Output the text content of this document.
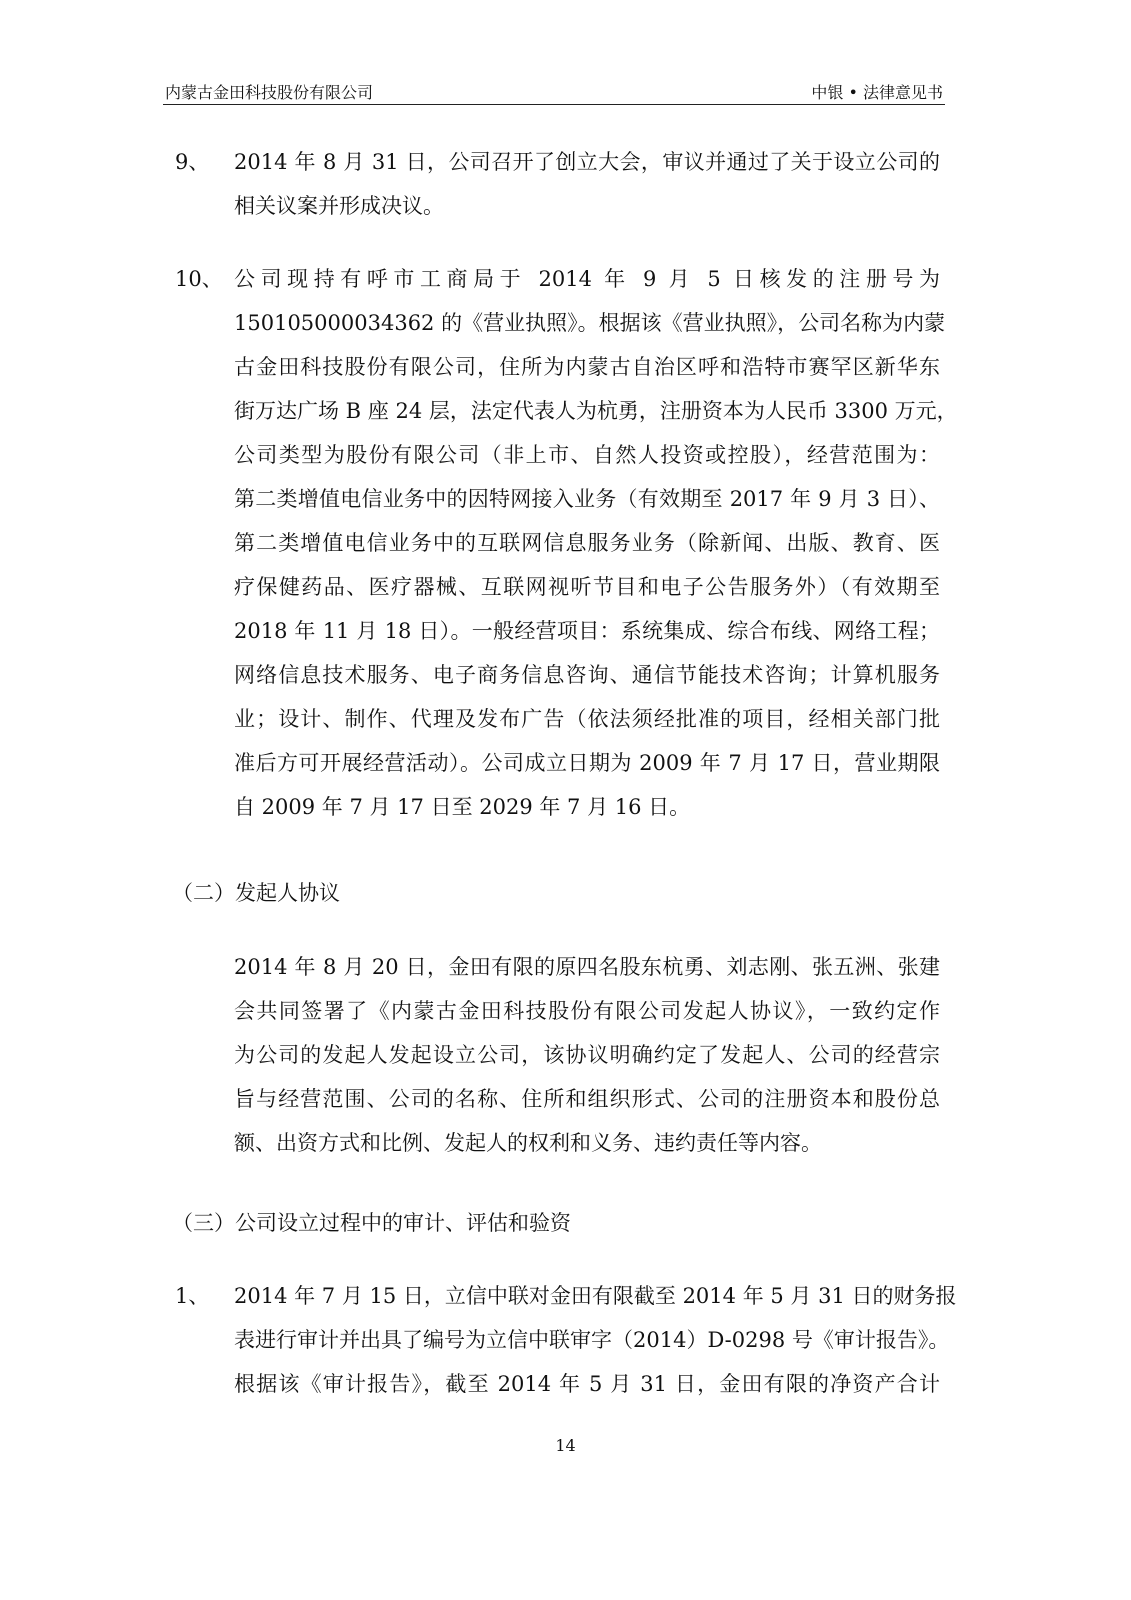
内蒙古金田科技股份有限公司	中银 • 法律意见书
9、 2014 年 8 月 31 日，公司召开了创立大会，审议并通过了关于设立公司的
相关议案并形成决议。
10、 公司现持有呼市工商局于 2014 年 9 月 5 日核发的注册号为
150105000034362 的《营业执照》。根据该《营业执照》，公司名称为内蒙
古金田科技股份有限公司，住所为内蒙古自治区呼和浩特市赛罕区新华东
街万达广场 B 座 24 层，法定代表人为杭勇，注册资本为人民币 3300 万元，
公司类型为股份有限公司（非上市、自然人投资或控股），经营范围为：
第二类增值电信业务中的因特网接入业务（有效期至 2017 年 9 月 3 日）、
第二类增值电信业务中的互联网信息服务业务（除新闻、出版、教育、医
疗保健药品、医疗器械、互联网视听节目和电子公告服务外）（有效期至
2018 年 11 月 18 日）。一般经营项目：系统集成、综合布线、网络工程；
网络信息技术服务、电子商务信息咨询、通信节能技术咨询；计算机服务
业；设计、制作、代理及发布广告（依法须经批准的项目，经相关部门批
准后方可开展经营活动）。公司成立日期为 2009 年 7 月 17 日，营业期限
自 2009 年 7 月 17 日至 2029 年 7 月 16 日。
（二）发起人协议
2014 年 8 月 20 日，金田有限的原四名股东杭勇、刘志刚、张五洲、张建
会共同签署了《内蒙古金田科技股份有限公司发起人协议》，一致约定作
为公司的发起人发起设立公司，该协议明确约定了发起人、公司的经营宗
旨与经营范围、公司的名称、住所和组织形式、公司的注册资本和股份总
额、出资方式和比例、发起人的权利和义务、违约责任等内容。
（三）公司设立过程中的审计、评估和验资
1、 2014 年 7 月 15 日，立信中联对金田有限截至 2014 年 5 月 31 日的财务报
表进行审计并出具了编号为立信中联审字（2014）D-0298 号《审计报告》。
根据该《审计报告》，截至 2014 年 5 月 31 日，金田有限的净资产合计
14
